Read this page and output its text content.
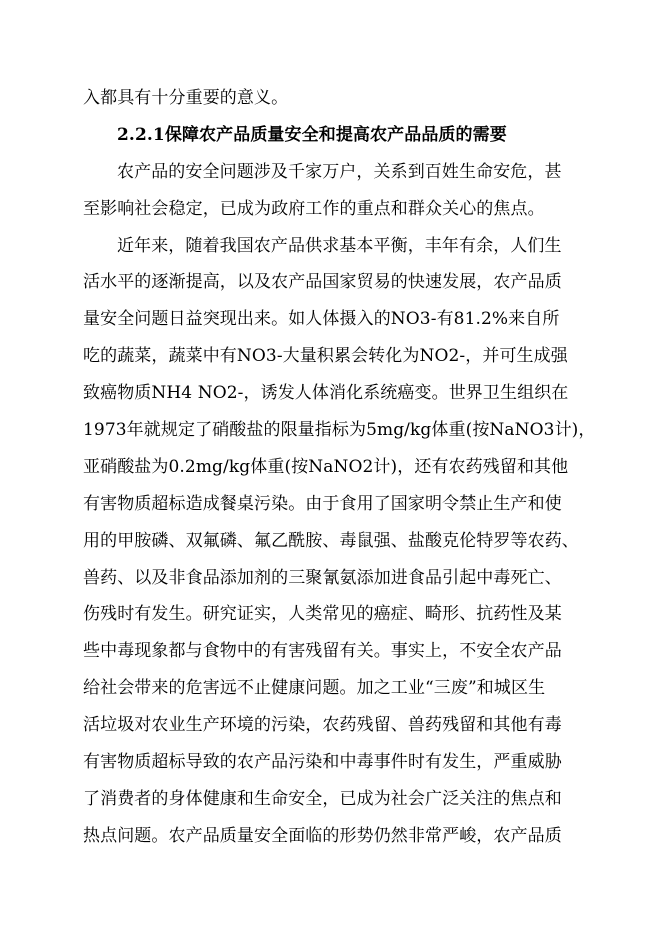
入都具有十分重要的意义。
2.2.1保障农产品质量安全和提高农产品品质的需要
农产品的安全问题涉及千家万户，关系到百姓生命安危，甚
至影响社会稳定，已成为政府工作的重点和群众关心的焦点。
近年来，随着我国农产品供求基本平衡，丰年有余，人们生
活水平的逐渐提高，以及农产品国家贸易的快速发展，农产品质
量安全问题日益突现出来。如人体摄入的NO3-有81.2%来自所
吃的蔬菜，蔬菜中有NO3-大量积累会转化为NO2-，并可生成强
致癌物质NH4 NO2-，诱发人体消化系统癌变。世界卫生组织在
1973年就规定了硝酸盐的限量指标为5mg/kg体重(按NaNO3计)，
亚硝酸盐为0.2mg/kg体重(按NaNO2计)，还有农药残留和其他
有害物质超标造成餐桌污染。由于食用了国家明令禁止生产和使
用的甲胺磷、双氟磷、氟乙酰胺、毒鼠强、盐酸克伦特罗等农药、
兽药、以及非食品添加剂的三聚氰氨添加进食品引起中毒死亡、
伤残时有发生。研究证实，人类常见的癌症、畸形、抗药性及某
些中毒现象都与食物中的有害残留有关。事实上，不安全农产品
给社会带来的危害远不止健康问题。加之工业“三废”和城区生
活垃圾对农业生产环境的污染，农药残留、兽药残留和其他有毒
有害物质超标导致的农产品污染和中毒事件时有发生，严重威胁
了消费者的身体健康和生命安全，已成为社会广泛关注的焦点和
热点问题。农产品质量安全面临的形势仍然非常严峻，农产品质
